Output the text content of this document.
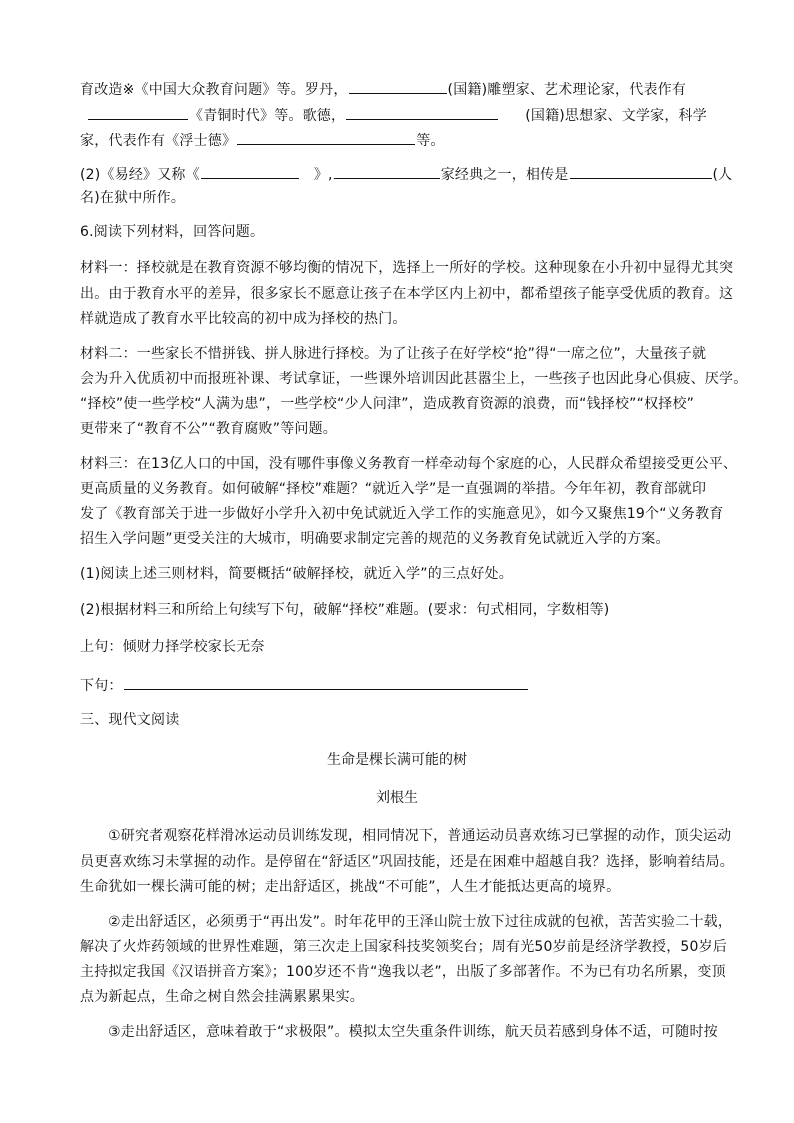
育改造※《中国大众教育问题》等。罗丹，	(国籍)雕塑家、艺术理论家，代表作有
《青铜时代》等。歌德，	(国籍)思想家、文学家，科学
家，代表作有《浮士德》	等。
(2)《易经》又称《	》,	家经典之一，相传是	(人
名)在狱中所作。
6.阅读下列材料，回答问题。
材料一：择校就是在教育资源不够均衡的情况下，选择上一所好的学校。这种现象在小升初中显得尤其突
出。由于教育水平的差异，很多家长不愿意让孩子在本学区内上初中，都希望孩子能享受优质的教育。这
样就造成了教育水平比较高的初中成为择校的热门。
材料二：一些家长不惜拼钱、拼人脉进行择校。为了让孩子在好学校“抢”得“一席之位”，大量孩子就
会为升入优质初中而报班补课、考试拿证，一些课外培训因此甚嚣尘上，一些孩子也因此身心俱疲、厌学。
“择校”使一些学校“人满为患”，一些学校“少人问津”，造成教育资源的浪费，而“钱择校”“权择校”
更带来了“教育不公”“教育腐败”等问题。
材料三：在13亿人口的中国，没有哪件事像义务教育一样牵动每个家庭的心，人民群众希望接受更公平、
更高质量的义务教育。如何破解“择校”难题？“就近入学”是一直强调的举措。今年年初，教育部就印
发了《教育部关于进一步做好小学升入初中免试就近入学工作的实施意见》，如今又聚焦19个“义务教育
招生入学问题”更受关注的大城市，明确要求制定完善的规范的义务教育免试就近入学的方案。
(1)阅读上述三则材料，简要概括“破解择校，就近入学”的三点好处。
(2)根据材料三和所给上句续写下句，破解“择校”难题。(要求：句式相同，字数相等)
上句：倾财力择学校家长无奈
下句：
三、现代文阅读
生命是棵长满可能的树
刘根生
①研究者观察花样滑冰运动员训练发现，相同情况下，普通运动员喜欢练习已掌握的动作，顶尖运动
员更喜欢练习未掌握的动作。是停留在“舒适区”巩固技能，还是在困难中超越自我？选择，影响着结局。
生命犹如一棵长满可能的树；走出舒适区，挑战“不可能”，人生才能抵达更高的境界。
②走出舒适区，必须勇于“再出发”。时年花甲的王泽山院士放下过往成就的包袱，苦苦实验二十载，
解决了火炸药领域的世界性难题，第三次走上国家科技奖领奖台；周有光50岁前是经济学教授，50岁后
主持拟定我国《汉语拼音方案》；100岁还不肯“逸我以老”，出版了多部著作。不为已有功名所累，变顶
点为新起点，生命之树自然会挂满累累果实。
③走出舒适区，意味着敢于“求极限”。模拟太空失重条件训练，航天员若感到身体不适，可随时按
